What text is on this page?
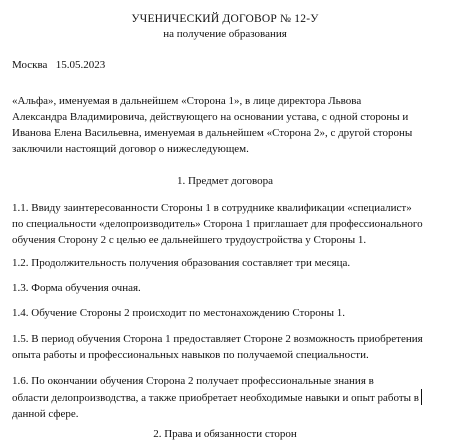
УЧЕНИЧЕСКИЙ ДОГОВОР № 12-У
на получение образования
Москва   15.05.2023
«Альфа», именуемая в дальнейшем «Сторона 1», в лице директора Львова
Александра Владимировича, действующего на основании устава, с одной стороны и
Иванова Елена Васильевна, именуемая в дальнейшем «Сторона 2», с другой стороны
заключили настоящий договор о нижеследующем.
1. Предмет договора
1.1. Ввиду заинтересованности Стороны 1 в сотруднике квалификации «специалист»
по специальности «делопроизводитель» Сторона 1 приглашает для профессионального
обучения Сторону 2 с целью ее дальнейшего трудоустройства у Стороны 1.
1.2. Продолжительность получения образования составляет три месяца.
1.3. Форма обучения очная.
1.4. Обучение Стороны 2 происходит по местонахождению Стороны 1.
1.5. В период обучения Сторона 1 предоставляет Стороне 2 возможность приобретения
опыта работы и профессиональных навыков по получаемой специальности.
1.6. По окончании обучения Сторона 2 получает профессиональные знания в
области делопроизводства, а также приобретает необходимые навыки и опыт работы в
данной сфере.
2. Права и обязанности сторон
